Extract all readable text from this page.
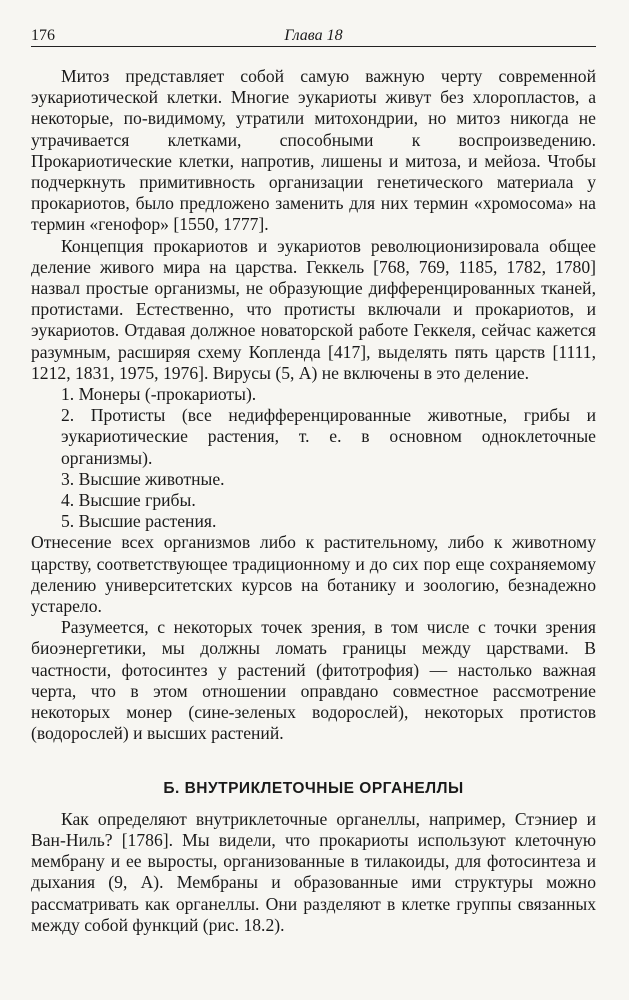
176	Глава 18

Митоз представляет собой самую важную черту современной эукариотической клетки. Многие эукариоты живут без хлоропластов, а некоторые, по-видимому, утратили митохондрии, но митоз никогда не утрачивается клетками, способными к воспроизведению. Прокариотические клетки, напротив, лишены и митоза, и мейоза. Чтобы подчеркнуть примитивность организации генетического материала у прокариотов, было предложено заменить для них термин «хромосома» на термин «генофор» [1550, 1777].

Концепция прокариотов и эукариотов революционизировала общее деление живого мира на царства. Геккель [768, 769, 1185, 1782, 1780] назвал простые организмы, не образующие дифференцированных тканей, протистами. Естественно, что протисты включали и прокариотов, и эукариотов. Отдавая должное новаторской работе Геккеля, сейчас кажется разумным, расширяя схему Копленда [417], выделять пять царств [1111, 1212, 1831, 1975, 1976]. Вирусы (5, A) не включены в это деление.

1. Монеры (-прокариоты).

2. Протисты (все недифференцированные животные, грибы и эукариотические растения, т. е. в основном одноклеточные организмы).

3. Высшие животные.

4. Высшие грибы.

5. Высшие растения.

Отнесение всех организмов либо к растительному, либо к животному царству, соответствующее традиционному и до сих пор еще сохраняемому делению университетских курсов на ботанику и зоологию, безнадежно устарело.

Разумеется, с некоторых точек зрения, в том числе с точки зрения биоэнергетики, мы должны ломать границы между царствами. В частности, фотосинтез у растений (фитотрофия) — настолько важная черта, что в этом отношении оправдано совместное рассмотрение некоторых монер (сине-зеленых водорослей), некоторых протистов (водорослей) и высших растений.

Б. ВНУТРИКЛЕТОЧНЫЕ ОРГАНЕЛЛЫ

Как определяют внутриклеточные органеллы, например, Стэниер и Ван-Ниль? [1786]. Мы видели, что прокариоты используют клеточную мембрану и ее выросты, организованные в тилакоиды, для фотосинтеза и дыхания (9, A). Мембраны и образованные ими структуры можно рассматривать как органеллы. Они разделяют в клетке группы связанных между собой функций (рис. 18.2).
